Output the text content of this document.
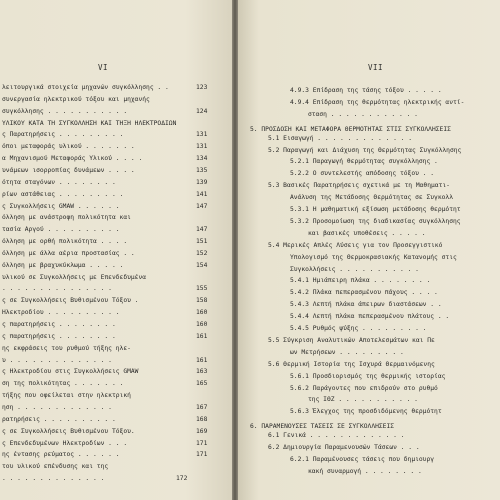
VI
λειτουργικά στοιχεία μηχανών συγκόλλησης . .	123
συνεργασία ηλεκτρικού τόξου και μηχανής
συγκόλλησης . . . . . . . . . . .	124
ΥΛΙΚΟΥ ΚΑΤΑ ΤΗ ΣΥΓΚΟΛΛΗΣΗ ΚΑΙ ΤΗΞΗ ΗΛΕΚΤΡΟΔΙΩΝ
ς Παρατηρήσεις . . . . . . . . .	131
όποι μεταφοράς υλικού . . . . . . .	131
α Μηχανισμού Μεταφοράς Υλικού . . . .	134
υνάμεων ισορροπίας δυνάμεων . . . .	135
ότητα σταγόνων . . . . . . . .	139
ρίων αστάθειας . . . . . . . . .	141
ς Συγκολλήσεις GMAW . . . . . .	147
όλληση με ανάστροφη πολικότητα και
τασία Αργού . . . . . . . . . .	147
όλληση με ορθή πολικότητα . . . .	151
όλληση με άλλα αέρια προστασίας . .	152
όλληση με βραχυκύκλωμα . . . . .	154
υλικού σε Συγκολλήσεις με Επενδεδυμένα
. . . . . . . . . . . . . . .	155
ς σε Συγκολλήσεις Βυθισμένου Τόξου .	158
Ηλεκτροδίου . . . . . . . . . .	160
ς παρατηρήσεις . . . . . . . .	160
ς παρατηρήσεις . . . . . . . .	161
ης εκφράσεις του ρυθμού τήξης ηλε-
υ . . . . . . . . . . . . . .	161
ς Ηλεκτροδίου στις Συγκολλήσεις GMAW	163
ση της πολικότητας . . . . . . .	165
τήξης που οφείλεται στην ηλεκτρική
ηση . . . . . . . . . . . . .	167
ρατηρήσεις . . . . . . . . . .	168
ς σε Συγκολλήσεις Βυθισμένου Τόξου.	169
ς Επενδεδυμένων Ηλεκτροδίων . . .	171
ης έντασης ρεύματος . . . . . .	171
του υλικού επένδυσης και της
. . . . . . . . . . . . . .	172
VII
4.9.3 Επίδραση της τάσης τόξου . . . . .
4.9.4 Επίδραση της θερμότητας ηλεκτρικής αντί-
σταση . . . . . . . . . . . .
5. ΠΡΟΣΔΟΣΗ ΚΑΙ ΜΕΤΑΦΟΡΑ ΘΕΡΜΟΤΗΤΑΣ ΣΤΙΣ ΣΥΓΚΟΛΛΗΣΕΙΣ
5.1 Εισαγωγή . . . . . . . . . . . . .
5.2 Παραγωγή και Διάχυση της Θερμότητας Συγκόλλησης
5.2.1 Παραγωγή θερμότητας συγκόλλησης .
5.2.2 Ο συντελεστής απόδοσης τόξου . .
5.3 Βασικές Παρατηρήσεις σχετικά με τη Μαθηματι-
Ανάλυση της Μετάδοσης Θερμότητας σε Συγκολλ
5.3.1 Η μαθηματική εξίσωση μετάδοσης θερμότητ
5.3.2 Προσομοίωση της διαδικασίας συγκόλλησης
και βασικές υποθέσεις . . . . .
5.4 Μερικές Απλές Λύσεις για τον Προσεγγιστικό
Υπολογισμό της Θερμοκρασιακής Κατανομής στις
Συγκολλήσεις . . . . . . . . . . .
5.4.1 Ημιάπειρη πλάκα . . . . . . . .
5.4.2 Πλάκα πεπερασμένου πάχους . . . .
5.4.3 Λεπτή πλάκα άπειρων διαστάσεων . .
5.4.4 Λεπτή πλάκα πεπερασμένου πλάτους . .
5.4.5 Ρυθμός ψύξης . . . . . . . . .
5.5 Σύγκριση Αναλυτικών Αποτελεσμάτων και Πε
ων Μετρήσεων . . . . . . . . .
5.6 Θερμική Ιστορία της Ισχυρά Θερμαινόμενης
5.6.1 Προσδιορισμός της θερμικής ιστορίας
5.6.2 Παράγοντες που επιδρούν στο ρυθμό
της ΙΘΖ . . . . . . . . . . .
5.6.3 Έλεγχος της προσδιδόμενης θερμότητ
6. ΠΑΡΑΜΕΝΟΥΣΕΣ ΤΑΣΕΙΣ ΣΕ ΣΥΓΚΟΛΛΗΣΕΙΣ
6.1 Γενικά . . . . . . . . . . . . .
6.2 Δημιουργία Παραμενουσών Τάσεων . . .
6.2.1 Παραμένουσες τάσεις που δημιουργ
κακή συναρμογή . . . . . . . .
